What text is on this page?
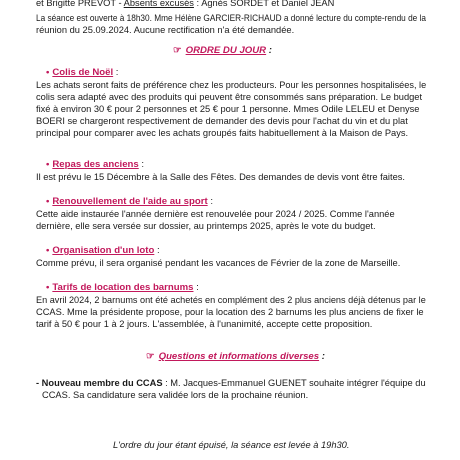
et Brigitte PREVOT - Absents excusés : Agnès SORDET et Daniel JEAN
La séance est ouverte à 18h30. Mme Hélène GARCIER-RICHAUD a donné lecture du compte-rendu de la
réunion du 25.09.2024. Aucune rectification n'a été demandée.
☞ ORDRE DU JOUR :
• Colis de Noël :
Les achats seront faits de préférence chez les producteurs. Pour les personnes hospitalisées, le
colis sera adapté avec des produits qui peuvent être consommés sans préparation. Le budget
fixé à environ 30 € pour 2 personnes et 25 € pour 1 personne. Mmes Odile LELEU et Denyse
BOERI se chargeront respectivement de demander des devis pour l'achat du vin et du plat
principal pour comparer avec les achats groupés faits habituellement à la Maison de Pays.
• Repas des anciens :
Il est prévu le 15 Décembre à la Salle des Fêtes. Des demandes de devis vont être faites.
• Renouvellement de l'aide au sport :
Cette aide instaurée l'année dernière est renouvelée pour 2024 / 2025. Comme l'année
dernière, elle sera versée sur dossier, au printemps 2025, après le vote du budget.
• Organisation d'un loto :
Comme prévu, il sera organisé pendant les vacances de Février de la zone de Marseille.
• Tarifs de location des barnums :
En avril 2024, 2 barnums ont été achetés en complément des 2 plus anciens déjà détenus par le
CCAS. Mme la présidente propose, pour la location des 2 barnums les plus anciens de fixer le
tarif à 50 € pour 1 à 2 jours. L'assemblée, à l'unanimité, accepte cette proposition.
☞ Questions et informations diverses :
- Nouveau membre du CCAS : M. Jacques-Emmanuel GUENET souhaite intégrer l'équipe du
CCAS. Sa candidature sera validée lors de la prochaine réunion.
L'ordre du jour étant épuisé, la séance est levée à 19h30.
